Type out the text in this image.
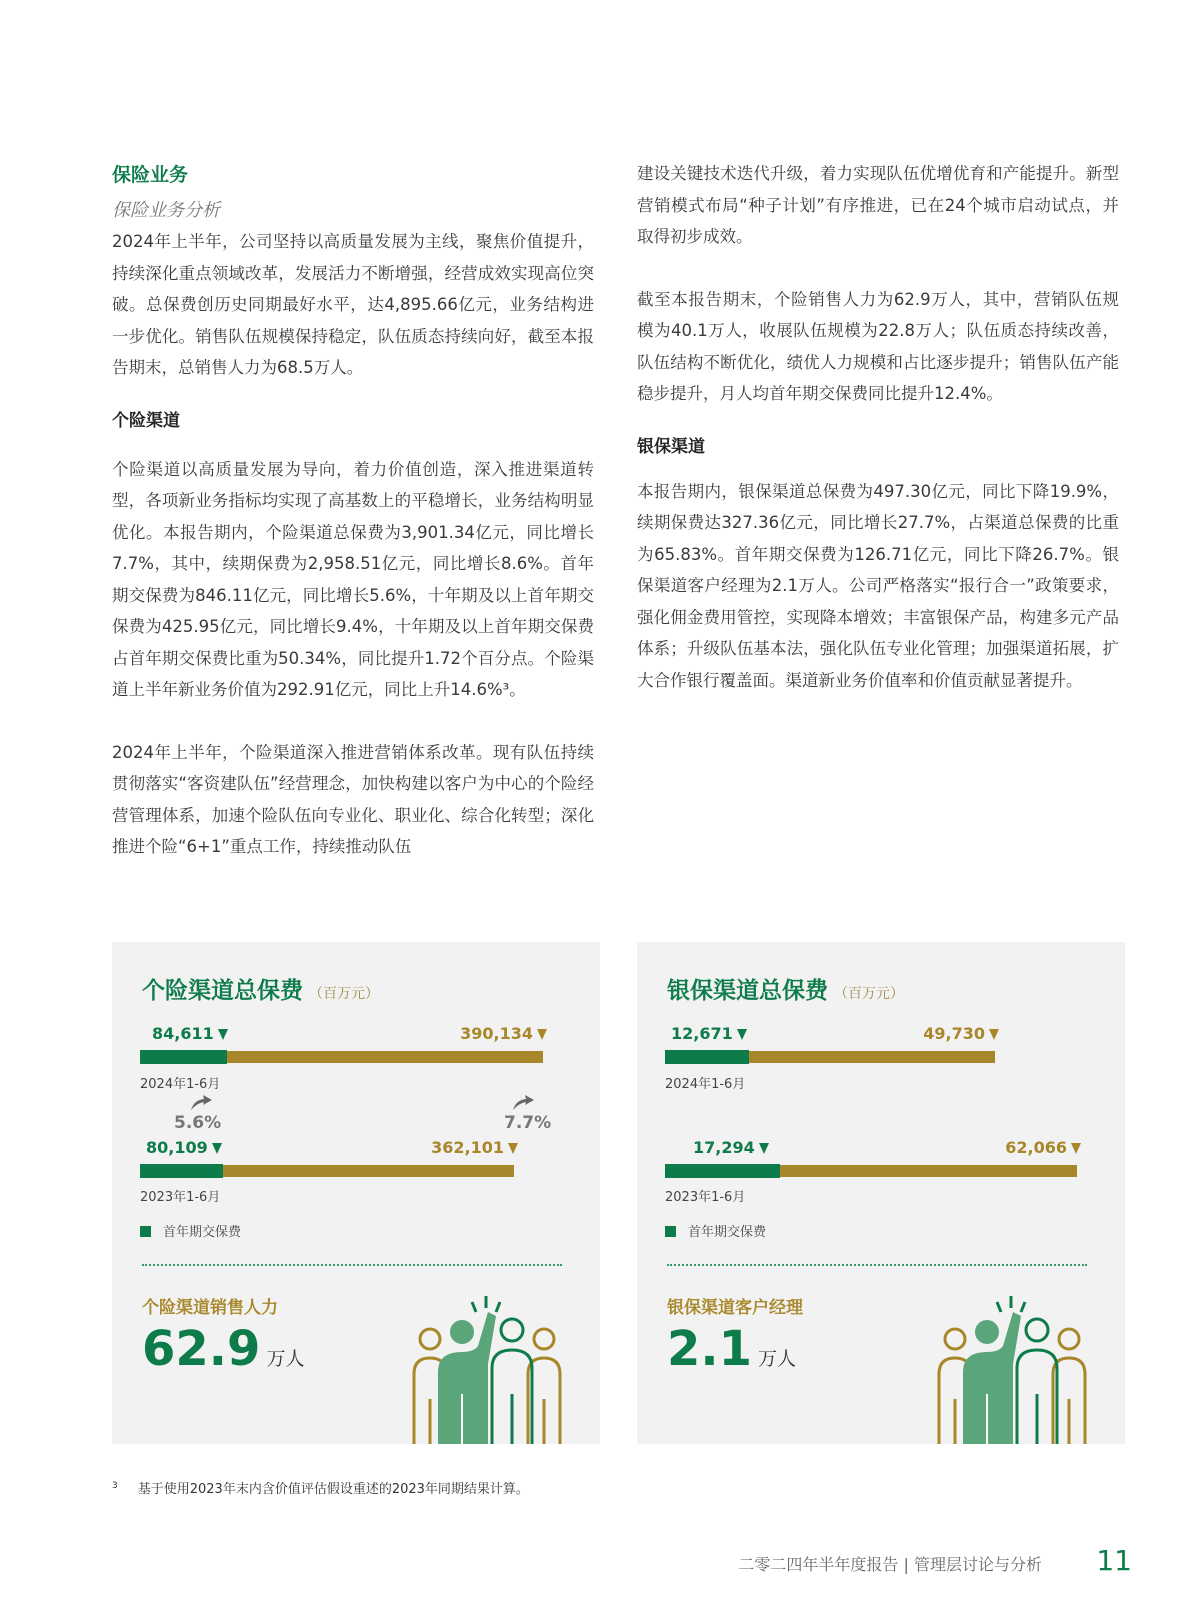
保险业务
保险业务分析

2024年上半年，公司坚持以高质量发展为主线，聚焦价值提升，持续深化重点领域改革，发展活力不断增强，经营成效实现高位突破。总保费创历史同期最好水平，达4,895.66亿元，业务结构进一步优化。销售队伍规模保持稳定，队伍质态持续向好，截至本报告期末，总销售人力为68.5万人。

个险渠道

个险渠道以高质量发展为导向，着力价值创造，深入推进渠道转型，各项新业务指标均实现了高基数上的平稳增长，业务结构明显优化。本报告期内，个险渠道总保费为3,901.34亿元，同比增长7.7%，其中，续期保费为2,958.51亿元，同比增长8.6%。首年期交保费为846.11亿元，同比增长5.6%，十年期及以上首年期交保费为425.95亿元，同比增长9.4%，十年期及以上首年期交保费占首年期交保费比重为50.34%，同比提升1.72个百分点。个险渠道上半年新业务价值为292.91亿元，同比上升14.6%³。

2024年上半年，个险渠道深入推进营销体系改革。现有队伍持续贯彻落实“客资建队伍”经营理念，加快构建以客户为中心的个险经营管理体系，加速个险队伍向专业化、职业化、综合化转型；深化推进个险“6+1”重点工作，持续推动队伍

建设关键技术迭代升级，着力实现队伍优增优育和产能提升。新型营销模式布局“种子计划”有序推进，已在24个城市启动试点，并取得初步成效。

截至本报告期末，个险销售人力为62.9万人，其中，营销队伍规模为40.1万人，收展队伍规模为22.8万人；队伍质态持续改善，队伍结构不断优化，绩优人力规模和占比逐步提升；销售队伍产能稳步提升，月人均首年期交保费同比提升12.4%。

银保渠道

本报告期内，银保渠道总保费为497.30亿元，同比下降19.9%，续期保费达327.36亿元，同比增长27.7%，占渠道总保费的比重为65.83%。首年期交保费为126.71亿元，同比下降26.7%。银保渠道客户经理为2.1万人。公司严格落实“报行合一”政策要求，强化佣金费用管控，实现降本增效；丰富银保产品，构建多元产品体系；升级队伍基本法，强化队伍专业化管理；加强渠道拓展，扩大合作银行覆盖面。渠道新业务价值率和价值贡献显著提升。

个险渠道总保费 （百万元）
84,611	390,134
2024年1-6月
5.6%	7.7%
80,109	362,101
2023年1-6月
首年期交保费
个险渠道销售人力
62.9 万人
银保渠道总保费 （百万元）
12,671	49,730
2024年1-6月
17,294	62,066
2023年1-6月
首年期交保费
银保渠道客户经理
2.1 万人
$^3$ 基于使用2023年末内含价值评估假设重述的2023年同期结果计算。
二零二四年半年度报告 | 管理层讨论与分析 11
